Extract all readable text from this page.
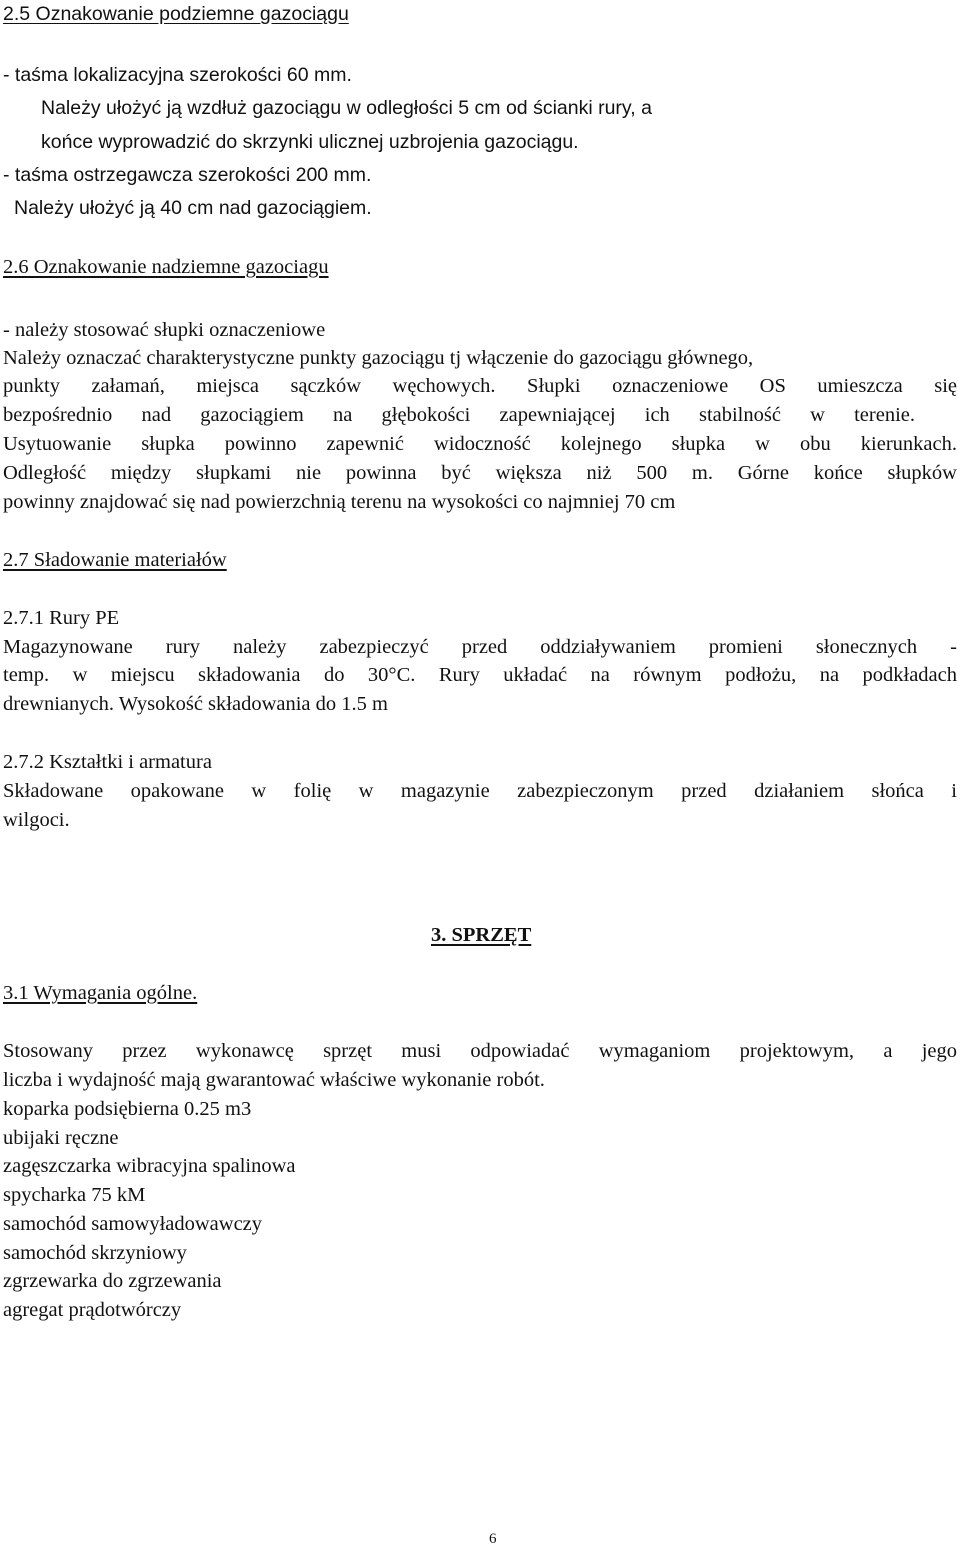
2.5 Oznakowanie podziemne gazociągu

- taśma lokalizacyjna szerokości 60 mm.

Należy ułożyć ją wzdłuż gazociągu w odległości 5 cm od ścianki rury, a

końce wyprowadzić do skrzynki ulicznej uzbrojenia gazociągu.

- taśma ostrzegawcza szerokości 200 mm.

Należy ułożyć ją 40 cm nad gazociągiem.

2.6 Oznakowanie nadziemne gazociagu

- należy stosować słupki oznaczeniowe

Należy oznaczać charakterystyczne punkty gazociągu tj włączenie do gazociągu głównego,

punkty załamań, miejsca sączków węchowych. Słupki oznaczeniowe OS umieszcza się

bezpośrednio nad gazociągiem na głębokości zapewniającej ich stabilność w terenie.

Usytuowanie słupka powinno zapewnić widoczność kolejnego słupka w obu kierunkach.

Odległość między słupkami nie powinna być większa niż 500 m. Górne końce słupków

powinny znajdować się nad powierzchnią terenu na wysokości co najmniej 70 cm

2.7 Sładowanie materiałów

2.7.1 Rury PE

Magazynowane rury należy zabezpieczyć przed oddziaływaniem promieni słonecznych -

temp. w miejscu składowania do 30°C. Rury układać na równym podłożu, na podkładach

drewnianych. Wysokość składowania do 1.5 m

2.7.2 Kształtki i armatura

Składowane opakowane w folię w magazynie zabezpieczonym przed działaniem słońca i

wilgoci.

3. SPRZĘT

3.1 Wymagania ogólne.

Stosowany przez wykonawcę sprzęt musi odpowiadać wymaganiom projektowym, a jego

liczba i wydajność mają gwarantować właściwe wykonanie robót.

koparka podsiębierna 0.25 m3

ubijaki ręczne

zagęszczarka wibracyjna spalinowa

spycharka 75 kM

samochód samowyładowawczy

samochód skrzyniowy

zgrzewarka do zgrzewania

agregat prądotwórczy

6
